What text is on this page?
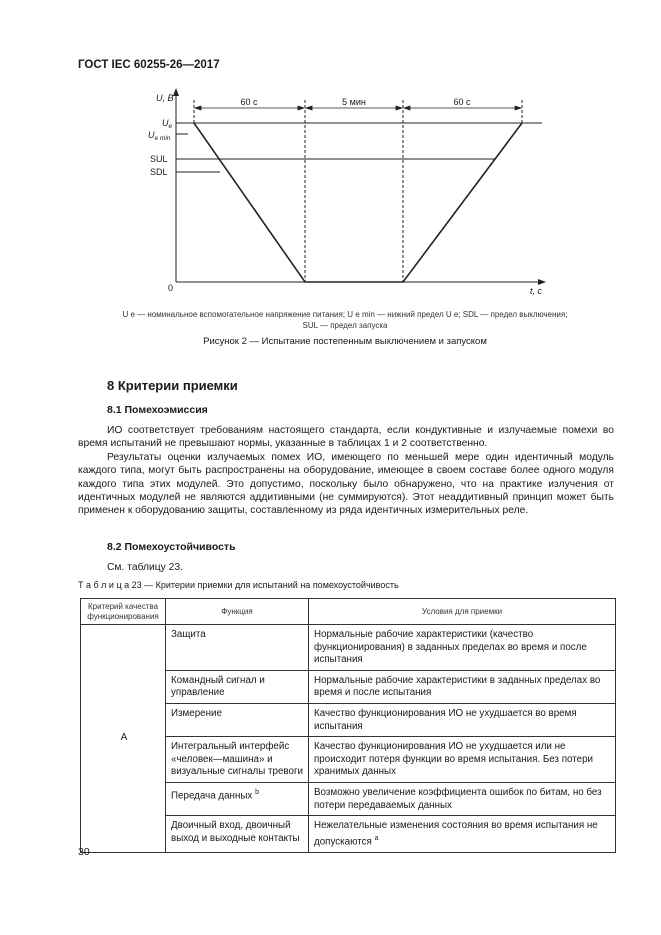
ГОСТ IEC 60255-26—2017
60 с	5 мин	60 с
U, В
t, с
0
$U_e$
$U_{e min}$
SUL
SDL
U e — номинальное вспомогательное напряжение питания; U e min — нижний предел U e; SDL — предел выключения;
SUL — предел запуска
Рисунок 2 — Испытание постепенным выключением и запуском
8 Критерии приемки
8.1 Помехоэмиссия
ИО соответствует требованиям настоящего стандарта, если кондуктивные и излучаемые помехи во время испытаний не превышают нормы, указанные в таблицах 1 и 2 соответственно.
Результаты оценки излучаемых помех ИО, имеющего по меньшей мере один идентичный модуль каждого типа, могут быть распространены на оборудование, имеющее в своем составе более одного модуля каждого типа этих модулей. Это допустимо, поскольку было обнаружено, что на практике излучения от идентичных модулей не являются аддитивными (не суммируются). Этот неаддитивный принцип может быть применен к оборудованию защиты, составленному из ряда идентичных измерительных реле.
8.2 Помехоустойчивость
См. таблицу 23.
Т а б л и ц а 23 — Критерии приемки для испытаний на помехоустойчивость
Критерий качества функционирования	Функция	Условия для приемки
А	Защита	Нормальные рабочие характеристики (качество функционирования) в заданных пределах во время и после испытания
	Командный сигнал и управление	Нормальные рабочие характеристики в заданных пределах во время и после испытания
	Измерение	Качество функционирования ИО не ухудшается во время испытания
	Интегральный интерфейс «человек—машина» и визуальные сигналы тревоги	Качество функционирования ИО не ухудшается или не происходит потеря функции во время испытания. Без потери хранимых данных
	Передача данных $^b$	Возможно увеличение коэффициента ошибок по битам, но без потери передаваемых данных
	Двоичный вход, двоичный выход и выходные контакты	Нежелательные изменения состояния во время испытания не допускаются $^a$
30
